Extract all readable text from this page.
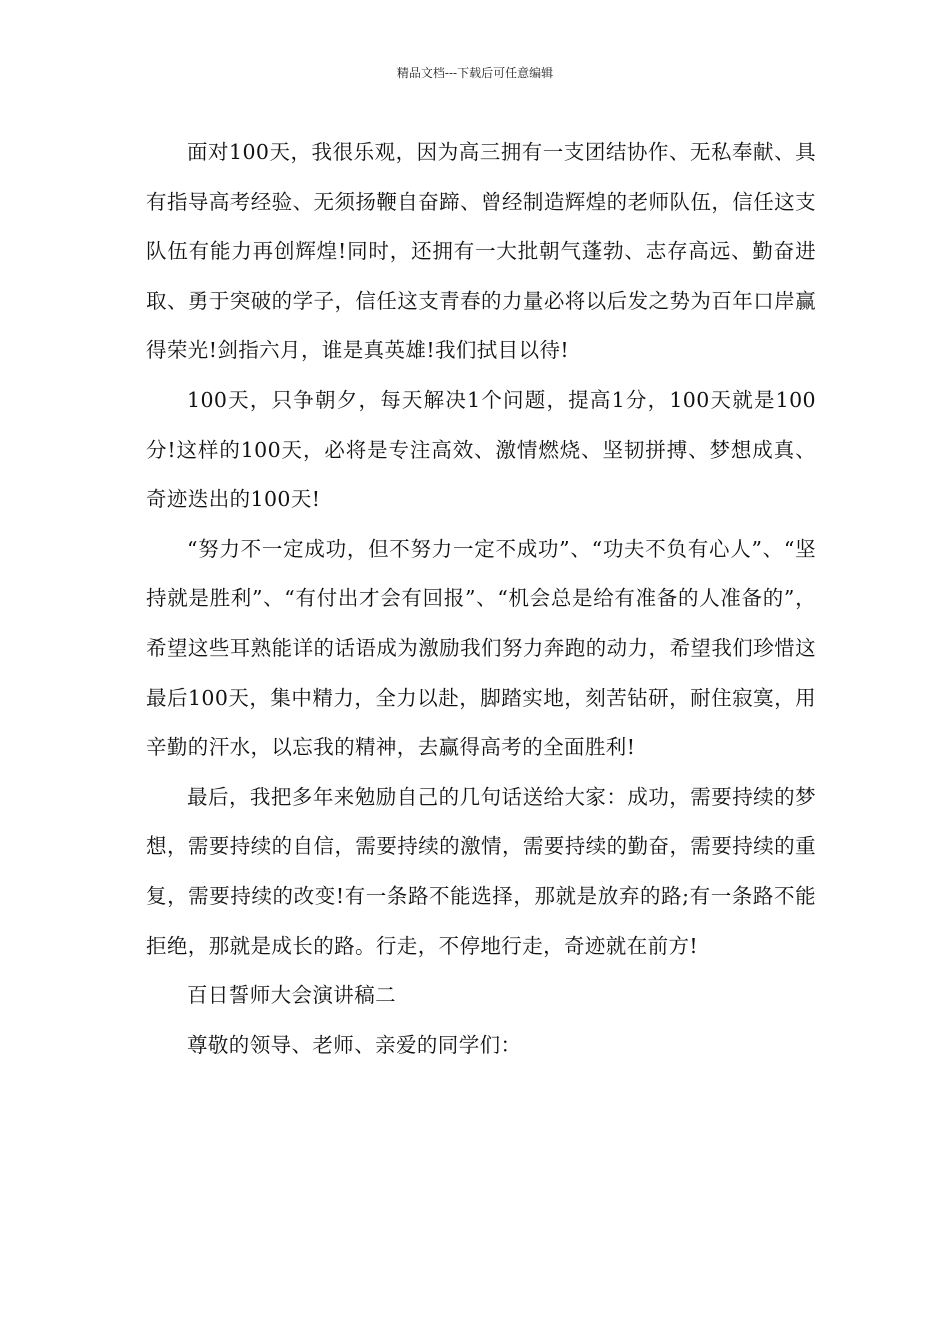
精品文档---下载后可任意编辑

面对100天，我很乐观，因为高三拥有一支团结协作、无私奉献、具有指导高考经验、无须扬鞭自奋蹄、曾经制造辉煌的老师队伍，信任这支队伍有能力再创辉煌!同时，还拥有一大批朝气蓬勃、志存高远、勤奋进取、勇于突破的学子，信任这支青春的力量必将以后发之势为百年口岸赢得荣光!剑指六月，谁是真英雄!我们拭目以待!

100天，只争朝夕，每天解决1个问题，提高1分，100天就是100分!这样的100天，必将是专注高效、激情燃烧、坚韧拼搏、梦想成真、奇迹迭出的100天!

“努力不一定成功，但不努力一定不成功”、“功夫不负有心人”、“坚持就是胜利”、“有付出才会有回报”、“机会总是给有准备的人准备的”，希望这些耳熟能详的话语成为激励我们努力奔跑的动力，希望我们珍惜这最后100天，集中精力，全力以赴，脚踏实地，刻苦钻研，耐住寂寞，用辛勤的汗水，以忘我的精神，去赢得高考的全面胜利!

最后，我把多年来勉励自己的几句话送给大家：成功，需要持续的梦想，需要持续的自信，需要持续的激情，需要持续的勤奋，需要持续的重复，需要持续的改变!有一条路不能选择，那就是放弃的路;有一条路不能拒绝，那就是成长的路。行走，不停地行走，奇迹就在前方!

百日誓师大会演讲稿二

尊敬的领导、老师、亲爱的同学们：
